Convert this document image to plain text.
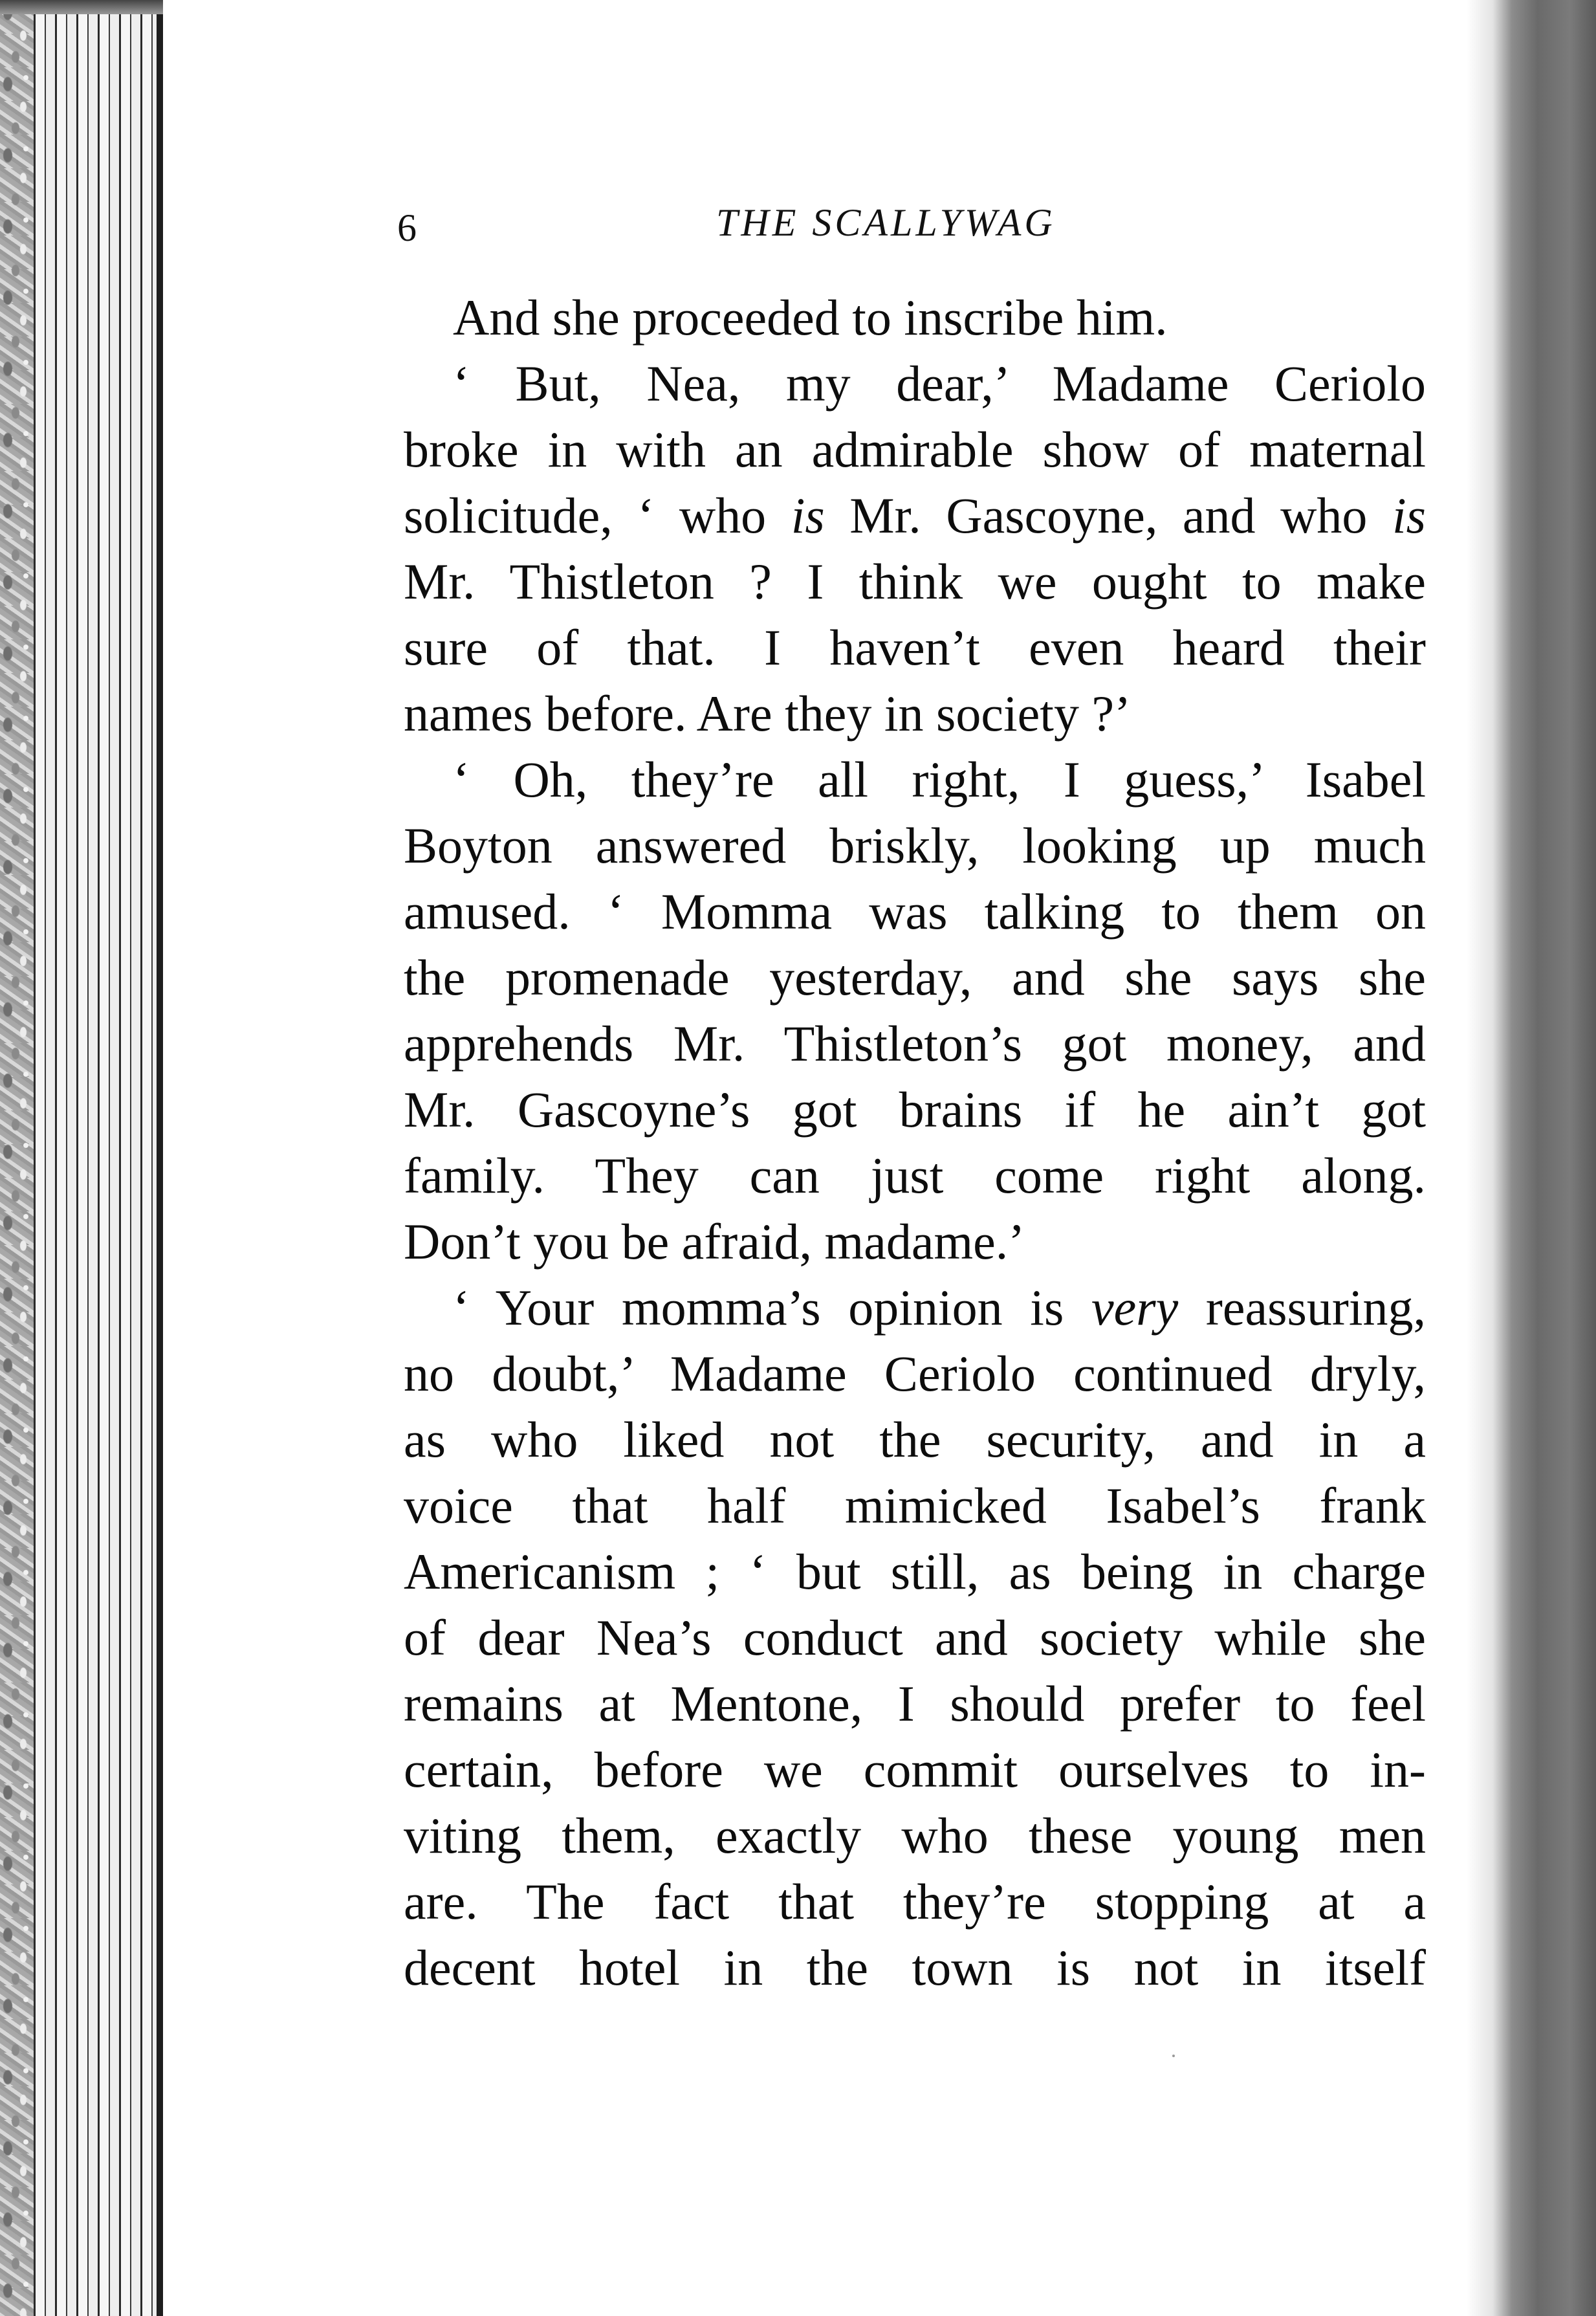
6	THE SCALLYWAG
And she proceeded to inscribe him.
‘ But, Nea, my dear,’ Madame Ceriolo
broke in with an admirable show of maternal
solicitude, ‘ who is Mr. Gascoyne, and who is
Mr. Thistleton ? I think we ought to make
sure of that. I haven’t even heard their
names before. Are they in society ?’
‘ Oh, they’re all right, I guess,’ Isabel
Boyton answered briskly, looking up much
amused. ‘ Momma was talking to them on
the promenade yesterday, and she says she
apprehends Mr. Thistleton’s got money, and
Mr. Gascoyne’s got brains if he ain’t got
family. They can just come right along.
Don’t you be afraid, madame.’
‘ Your momma’s opinion is very reassuring,
no doubt,’ Madame Ceriolo continued dryly,
as who liked not the security, and in a
voice that half mimicked Isabel’s frank
Americanism ; ‘ but still, as being in charge
of dear Nea’s conduct and society while she
remains at Mentone, I should prefer to feel
certain, before we commit ourselves to in-
viting them, exactly who these young men
are. The fact that they’re stopping at a
decent hotel in the town is not in itself
